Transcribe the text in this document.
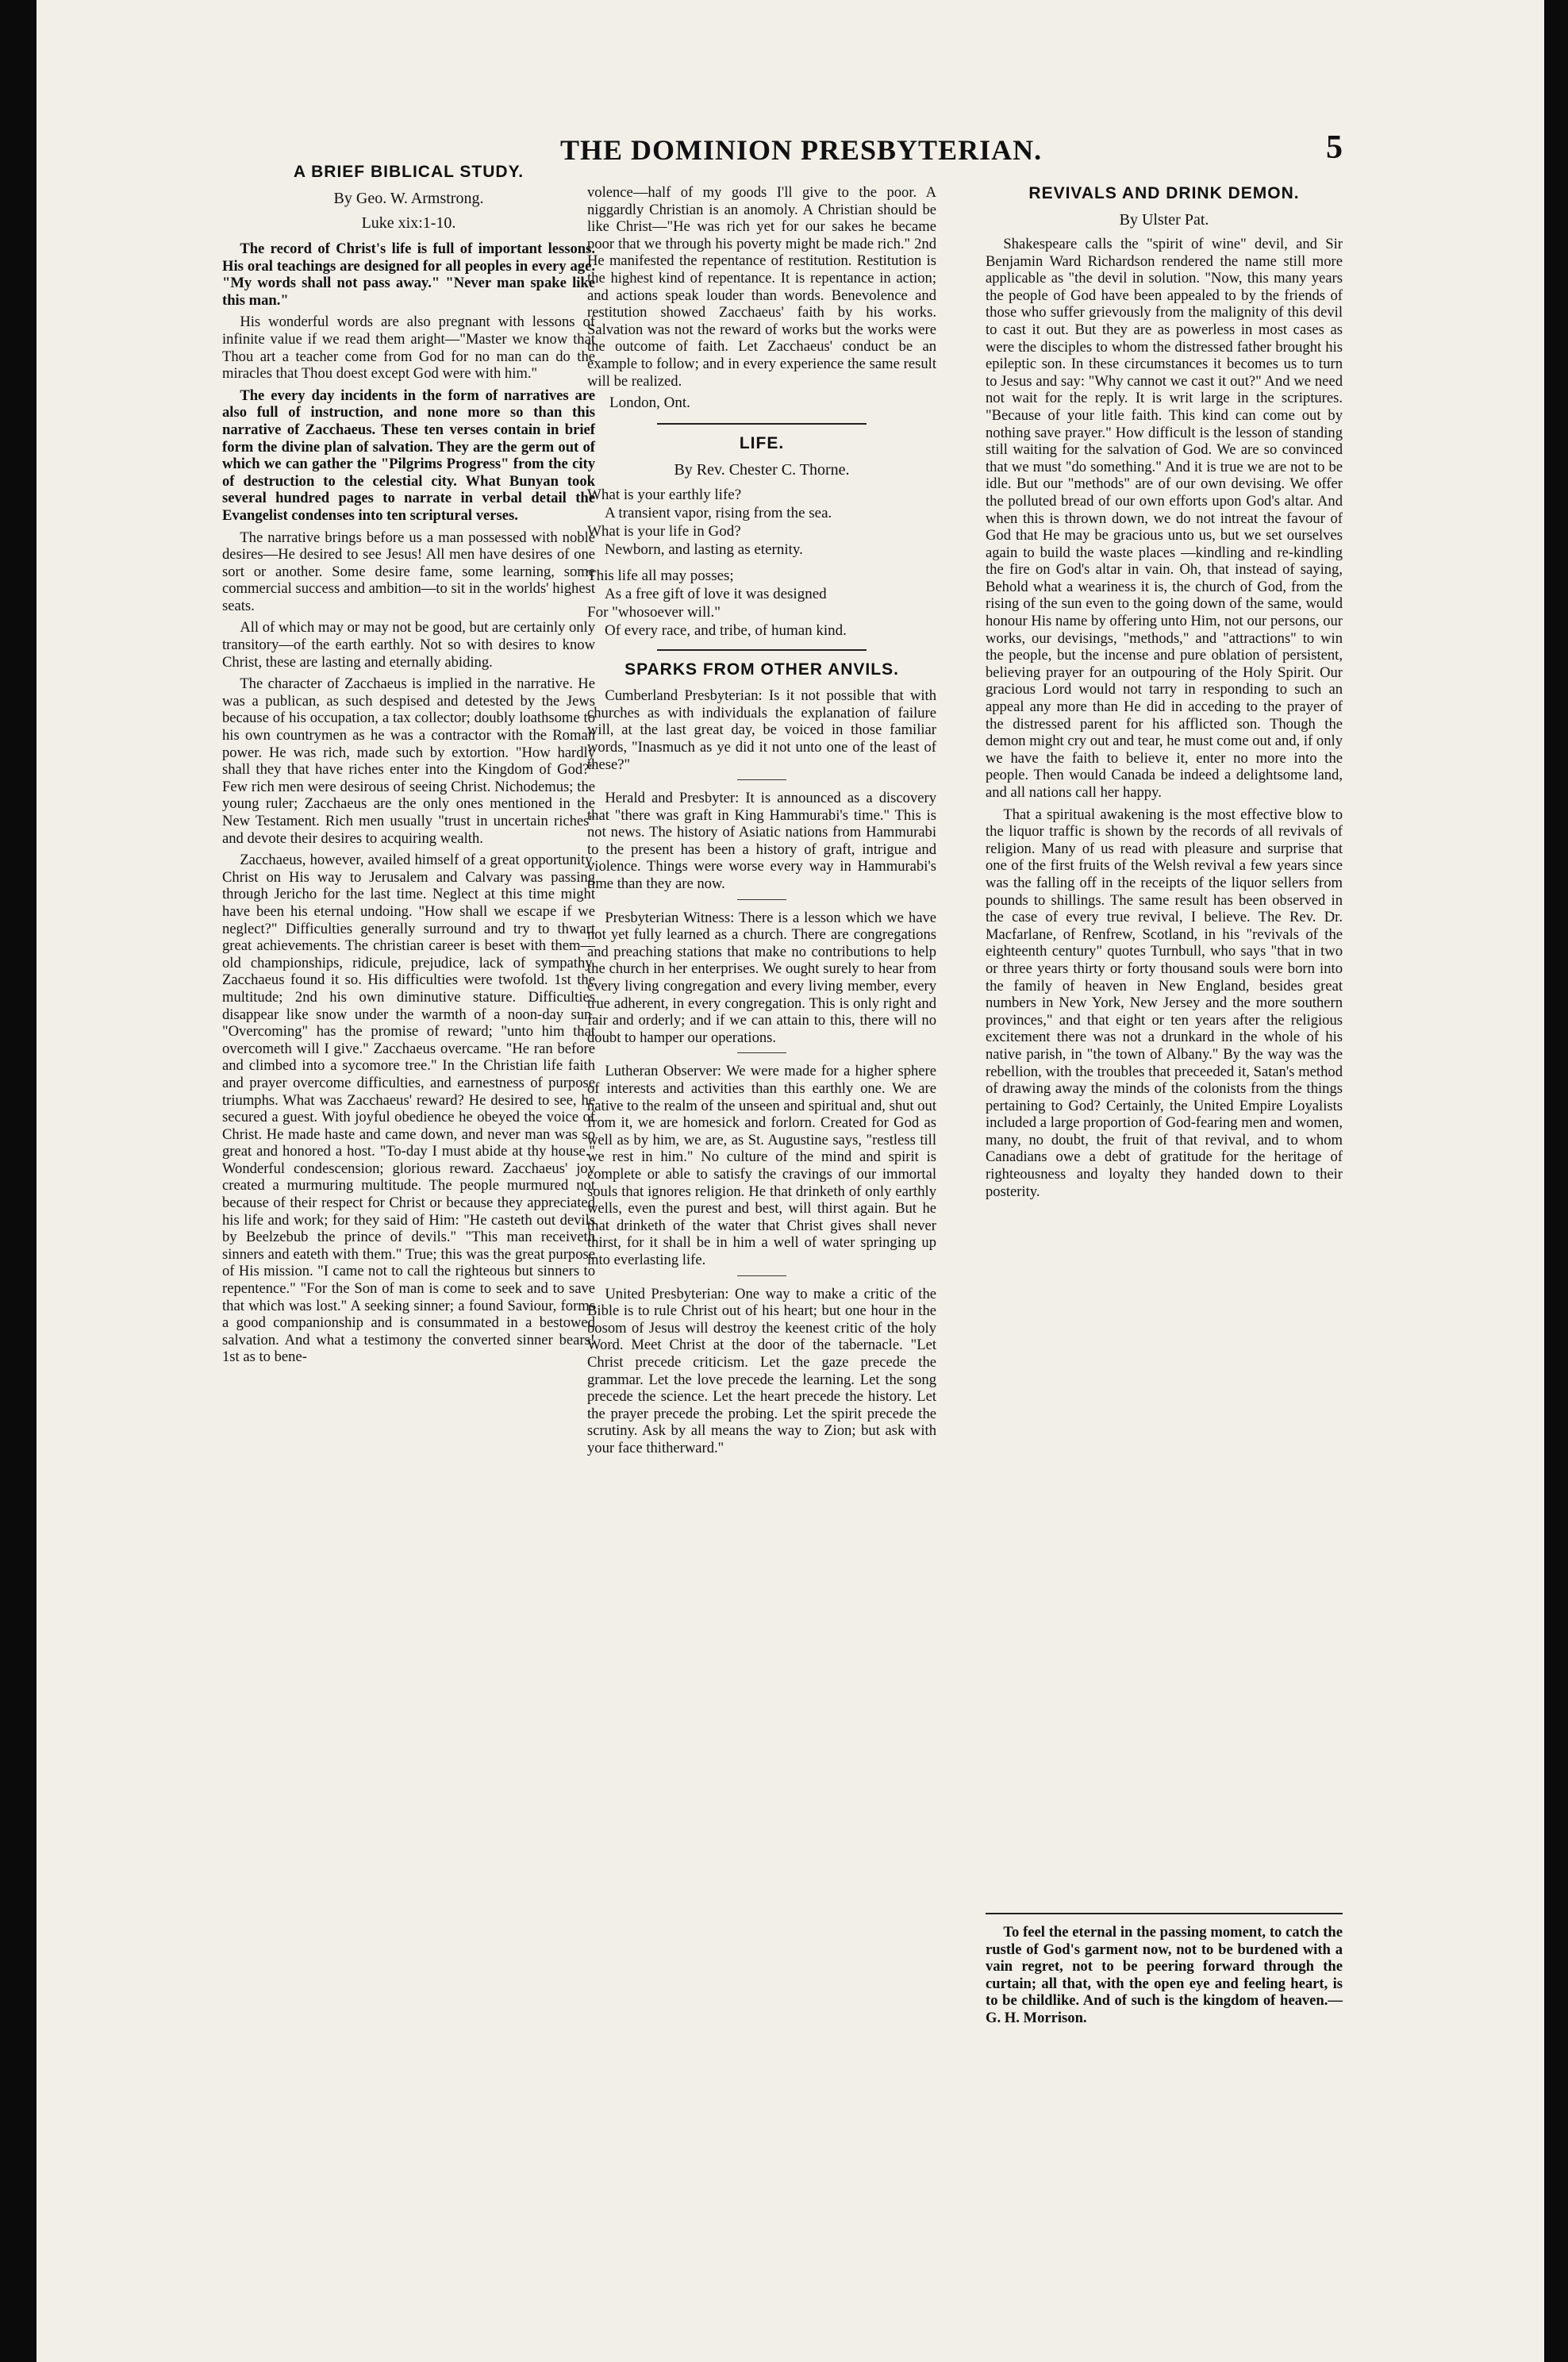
THE DOMINION PRESBYTERIAN.	5
A BRIEF BIBLICAL STUDY.
By Geo. W. Armstrong.
Luke xix:1-10.

The record of Christ's life is full of important lessons. His oral teachings are designed for all peoples in every age. "My words shall not pass away." "Never man spake like this man."

His wonderful words are also pregnant with lessons of infinite value if we read them aright—"Master we know that Thou art a teacher come from God for no man can do the miracles that Thou doest except God were with him."

The every day incidents in the form of narratives are also full of instruction, and none more so than this narrative of Zacchaeus. These ten verses contain in brief form the divine plan of salvation. They are the germ out of which we can gather the "Pilgrims Progress" from the city of destruction to the celestial city. What Bunyan took several hundred pages to narrate in verbal detail the Evangelist condenses into ten scriptural verses.

The narrative brings before us a man possessed with noble desires—He desired to see Jesus! All men have desires of one sort or another. Some desire fame, some learning, some commercial success and ambition—to sit in the worlds' highest seats.

All of which may or may not be good, but are certainly only transitory—of the earth earthly. Not so with desires to know Christ, these are lasting and eternally abiding.

The character of Zacchaeus is implied in the narrative. He was a publican, as such despised and detested by the Jews because of his occupation, a tax collector; doubly loathsome to his own countrymen as he was a contractor with the Roman power. He was rich, made such by extortion. "How hardly shall they that have riches enter into the Kingdom of God?" Few rich men were desirous of seeing Christ. Nichodemus; the young ruler; Zacchaeus are the only ones mentioned in the New Testament. Rich men usually "trust in uncertain riches" and devote their desires to acquiring wealth.

Zacchaeus, however, availed himself of a great opportunity. Christ on His way to Jerusalem and Calvary was passing through Jericho for the last time. Neglect at this time might have been his eternal undoing. "How shall we escape if we neglect?" Difficulties generally surround and try to thwart great achievements. The christian career is beset with them—old championships, ridicule, prejudice, lack of sympathy. Zacchaeus found it so. His difficulties were twofold. 1st the multitude; 2nd his own diminutive stature. Difficulties disappear like snow under the warmth of a noon-day sun. "Overcoming" has the promise of reward; "unto him that overcometh will I give." Zacchaeus overcame. "He ran before and climbed into a sycomore tree." In the Christian life faith and prayer overcome difficulties, and earnestness of purpose triumphs. What was Zacchaeus' reward? He desired to see, he secured a guest. With joyful obedience he obeyed the voice of Christ. He made haste and came down, and never man was so great and honored a host. "To-day I must abide at thy house." Wonderful condescension; glorious reward. Zacchaeus' joy created a murmuring multitude. The people murmured not because of their respect for Christ or because they appreciated his life and work; for they said of Him: "He casteth out devils by Beelzebub the prince of devils." "This man receiveth sinners and eateth with them." True; this was the great purpose of His mission. "I came not to call the righteous but sinners to repentence." "For the Son of man is come to seek and to save that which was lost." A seeking sinner; a found Saviour, forms a good companionship and is consummated in a bestowed salvation. And what a testimony the converted sinner bears! 1st as to bene-

volence—half of my goods I'll give to the poor. A niggardly Christian is an anomoly. A Christian should be like Christ—"He was rich yet for our sakes he became poor that we through his poverty might be made rich." 2nd He manifested the repentance of restitution. Restitution is the highest kind of repentance. It is repentance in action; and actions speak louder than words. Benevolence and restitution showed Zacchaeus' faith by his works. Salvation was not the reward of works but the works were the outcome of faith. Let Zacchaeus' conduct be an example to follow; and in every experience the same result will be realized.

London, Ont.

LIFE.
By Rev. Chester C. Thorne.
What is your earthly life?
A transient vapor, rising from the sea.
What is your life in God?
Newborn, and lasting as eternity.
This life all may posses;
As a free gift of love it was designed
For "whosoever will."
Of every race, and tribe, of human kind.
SPARKS FROM OTHER ANVILS.

Cumberland Presbyterian: Is it not possible that with churches as with individuals the explanation of failure will, at the last great day, be voiced in those familiar words, "Inasmuch as ye did it not unto one of the least of these?"

Herald and Presbyter: It is announced as a discovery that "there was graft in King Hammurabi's time." This is not news. The history of Asiatic nations from Hammurabi to the present has been a history of graft, intrigue and violence. Things were worse every way in Hammurabi's time than they are now.

Presbyterian Witness: There is a lesson which we have not yet fully learned as a church. There are congregations and preaching stations that make no contributions to help the church in her enterprises. We ought surely to hear from every living congregation and every living member, every true adherent, in every congregation. This is only right and fair and orderly; and if we can attain to this, there will no doubt to hamper our operations.

Lutheran Observer: We were made for a higher sphere of interests and activities than this earthly one. We are native to the realm of the unseen and spiritual and, shut out from it, we are homesick and forlorn. Created for God as well as by him, we are, as St. Augustine says, "restless till we rest in him." No culture of the mind and spirit is complete or able to satisfy the cravings of our immortal souls that ignores religion. He that drinketh of only earthly wells, even the purest and best, will thirst again. But he that drinketh of the water that Christ gives shall never thirst, for it shall be in him a well of water springing up into everlasting life.

United Presbyterian: One way to make a critic of the Bible is to rule Christ out of his heart; but one hour in the bosom of Jesus will destroy the keenest critic of the holy Word. Meet Christ at the door of the tabernacle. "Let Christ precede criticism. Let the gaze precede the grammar. Let the love precede the learning. Let the song precede the science. Let the heart precede the history. Let the prayer precede the probing. Let the spirit precede the scrutiny. Ask by all means the way to Zion; but ask with your face thitherward."

REVIVALS AND DRINK DEMON.
By Ulster Pat.

Shakespeare calls the "spirit of wine" devil, and Sir Benjamin Ward Richardson rendered the name still more applicable as "the devil in solution. "Now, this many years the people of God have been appealed to by the friends of those who suffer grievously from the malignity of this devil to cast it out. But they are as powerless in most cases as were the disciples to whom the distressed father brought his epileptic son. In these circumstances it becomes us to turn to Jesus and say: "Why cannot we cast it out?" And we need not wait for the reply. It is writ large in the scriptures. "Because of your litle faith. This kind can come out by nothing save prayer." How difficult is the lesson of standing still waiting for the salvation of God. We are so convinced that we must "do something." And it is true we are not to be idle. But our "methods" are of our own devising. We offer the polluted bread of our own efforts upon God's altar. And when this is thrown down, we do not intreat the favour of God that He may be gracious unto us, but we set ourselves again to build the waste places —kindling and re-kindling the fire on God's altar in vain. Oh, that instead of saying, Behold what a weariness it is, the church of God, from the rising of the sun even to the going down of the same, would honour His name by offering unto Him, not our persons, our works, our devisings, "methods," and "attractions" to win the people, but the incense and pure oblation of persistent, believing prayer for an outpouring of the Holy Spirit. Our gracious Lord would not tarry in responding to such an appeal any more than He did in acceding to the prayer of the distressed parent for his afflicted son. Though the demon might cry out and tear, he must come out and, if only we have the faith to believe it, enter no more into the people. Then would Canada be indeed a delightsome land, and all nations call her happy.

That a spiritual awakening is the most effective blow to the liquor traffic is shown by the records of all revivals of religion. Many of us read with pleasure and surprise that one of the first fruits of the Welsh revival a few years since was the falling off in the receipts of the liquor sellers from pounds to shillings. The same result has been observed in the case of every true revival, I believe. The Rev. Dr. Macfarlane, of Renfrew, Scotland, in his "revivals of the eighteenth century" quotes Turnbull, who says "that in two or three years thirty or forty thousand souls were born into the family of heaven in New England, besides great numbers in New York, New Jersey and the more southern provinces," and that eight or ten years after the religious excitement there was not a drunkard in the whole of his native parish, in "the town of Albany." By the way was the rebellion, with the troubles that preceeded it, Satan's method of drawing away the minds of the colonists from the things pertaining to God? Certainly, the United Empire Loyalists included a large proportion of God-fearing men and women, many, no doubt, the fruit of that revival, and to whom Canadians owe a debt of gratitude for the heritage of righteousness and loyalty they handed down to their posterity.

To feel the eternal in the passing moment, to catch the rustle of God's garment now, not to be burdened with a vain regret, not to be peering forward through the curtain; all that, with the open eye and feeling heart, is to be childlike. And of such is the kingdom of heaven.—G. H. Morrison.
